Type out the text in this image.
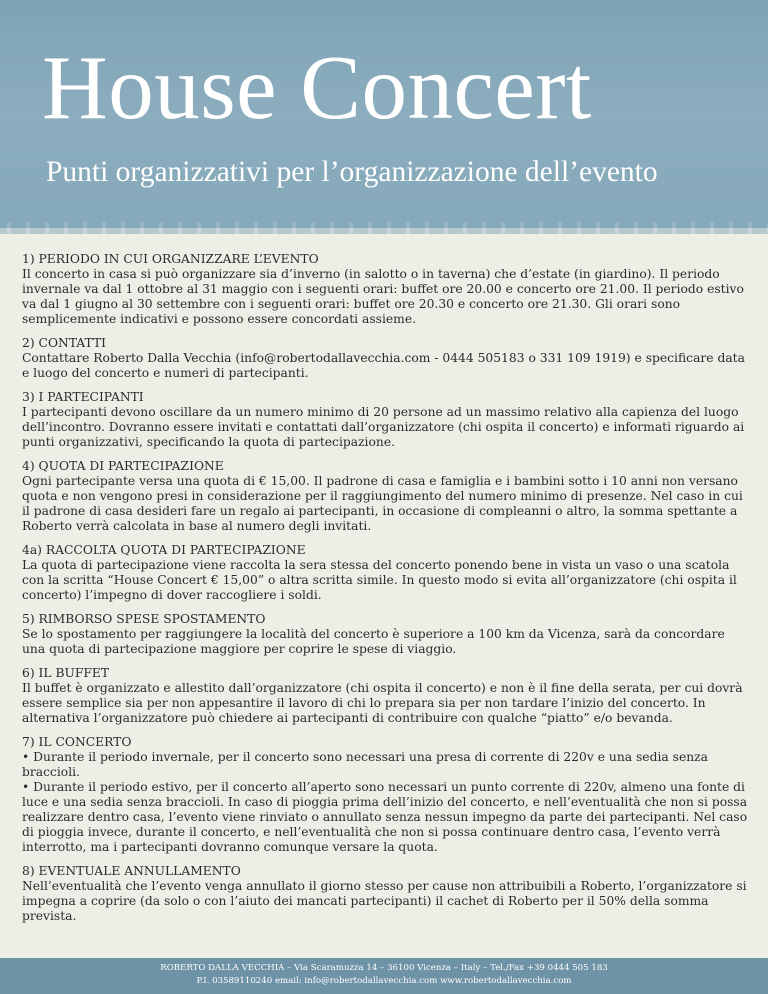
House Concert
Punti organizzativi per l’organizzazione dell’evento
1) PERIODO IN CUI ORGANIZZARE L’EVENTO
Il concerto in casa si può organizzare sia d’inverno (in salotto o in taverna) che d’estate (in giardino). Il periodo invernale va dal 1 ottobre al 31 maggio con i seguenti orari: buffet ore 20.00 e concerto ore 21.00. Il periodo estivo va dal 1 giugno al 30 settembre con i seguenti orari: buffet ore 20.30 e concerto ore 21.30. Gli orari sono semplicemente indicativi e possono essere concordati assieme.
2) CONTATTI
Contattare Roberto Dalla Vecchia (info@robertodallavecchia.com - 0444 505183 o 331 109 1919) e specificare data e luogo del concerto e numeri di partecipanti.
3) I PARTECIPANTI
I partecipanti devono oscillare da un numero minimo di 20 persone ad un massimo relativo alla capienza del luogo dell’incontro. Dovranno essere invitati e contattati dall’organizzatore (chi ospita il concerto) e informati riguardo ai punti organizzativi, specificando la quota di partecipazione.
4) QUOTA DI PARTECIPAZIONE
Ogni partecipante versa una quota di € 15,00. Il padrone di casa e famiglia e i bambini sotto i 10 anni non versano quota e non vengono presi in considerazione per il raggiungimento del numero minimo di presenze. Nel caso in cui il padrone di casa desideri fare un regalo ai partecipanti, in occasione di compleanni o altro, la somma spettante a Roberto verrà calcolata in base al numero degli invitati.
4a) RACCOLTA QUOTA DI PARTECIPAZIONE
La quota di partecipazione viene raccolta la sera stessa del concerto ponendo bene in vista un vaso o una scatola con la scritta “House Concert € 15,00” o altra scritta simile. In questo modo si evita all’organizzatore (chi ospita il concerto) l’impegno di dover raccogliere i soldi.
5) RIMBORSO SPESE SPOSTAMENTO
Se lo spostamento per raggiungere la località del concerto è superiore a 100 km da Vicenza, sarà da concordare una quota di partecipazione maggiore per coprire le spese di viaggio.
6) IL BUFFET
Il buffet è organizzato e allestito dall’organizzatore (chi ospita il concerto) e non è il fine della serata, per cui dovrà essere semplice sia per non appesantire il lavoro di chi lo prepara sia per non tardare l’inizio del concerto. In alternativa l’organizzatore può chiedere ai partecipanti di contribuire con qualche “piatto” e/o bevanda.
7) IL CONCERTO
• Durante il periodo invernale, per il concerto sono necessari una presa di corrente di 220v e una sedia senza braccioli.
• Durante il periodo estivo, per il concerto all’aperto sono necessari un punto corrente di 220v, almeno una fonte di luce e una sedia senza braccioli. In caso di pioggia prima dell’inizio del concerto, e nell’eventualità che non si possa realizzare dentro casa, l’evento viene rinviato o annullato senza nessun impegno da parte dei partecipanti. Nel caso di pioggia invece, durante il concerto, e nell’eventualità che non si possa continuare dentro casa, l’evento verrà interrotto, ma i partecipanti dovranno comunque versare la quota.
8) EVENTUALE ANNULLAMENTO
Nell’eventualità che l’evento venga annullato il giorno stesso per cause non attribuibili a Roberto, l’organizzatore si impegna a coprire (da solo o con l’aiuto dei mancati partecipanti) il cachet di Roberto per il 50% della somma prevista.
ROBERTO DALLA VECCHIA – Via Scaramuzza 14 – 36100 Vicenza – Italy – Tel./Fax +39 0444 505 183
P.I. 03589110240 email: info@robertodallavecchia.com www.robertodallavecchia.com
